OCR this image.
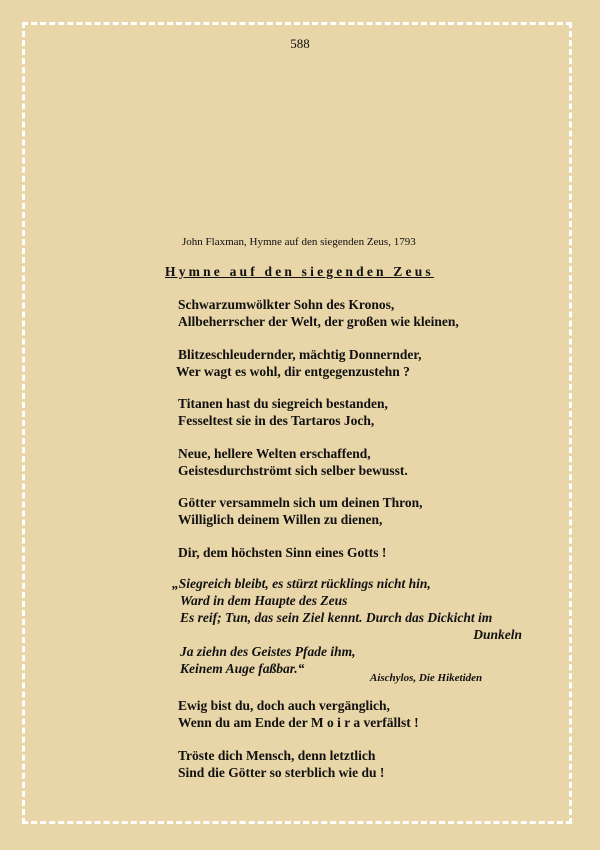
588
John Flaxman, Hymne auf den siegenden Zeus, 1793
Hymne auf den siegenden Zeus
Schwarzumwölkter Sohn des Kronos,
Allbeherrscher der Welt, der großen wie kleinen,
Blitzeschleudernder, mächtig Donnernder,
Wer wagt es wohl, dir entgegenzustehn ?
Titanen hast du siegreich bestanden,
Fesseltest sie in des Tartaros Joch,
Neue, hellere Welten erschaffend,
Geistesdurchströmt sich selber bewusst.
Götter versammeln sich um deinen Thron,
Williglich deinem Willen zu dienen,
Dir, dem höchsten Sinn eines Gotts !
„Siegreich bleibt, es stürzt rücklings nicht hin,
Ward in dem Haupte des Zeus
Es reif; Tun, das sein Ziel kennt. Durch das Dickicht im
Dunkeln
Ja ziehn des Geistes Pfade ihm,
Keinem Auge faßbar.“
Aischylos, Die Hiketiden
Ewig bist du, doch auch vergänglich,
Wenn du am Ende der M o i r a verfällst !
Tröste dich Mensch, denn letztlich
Sind die Götter so sterblich wie du !
